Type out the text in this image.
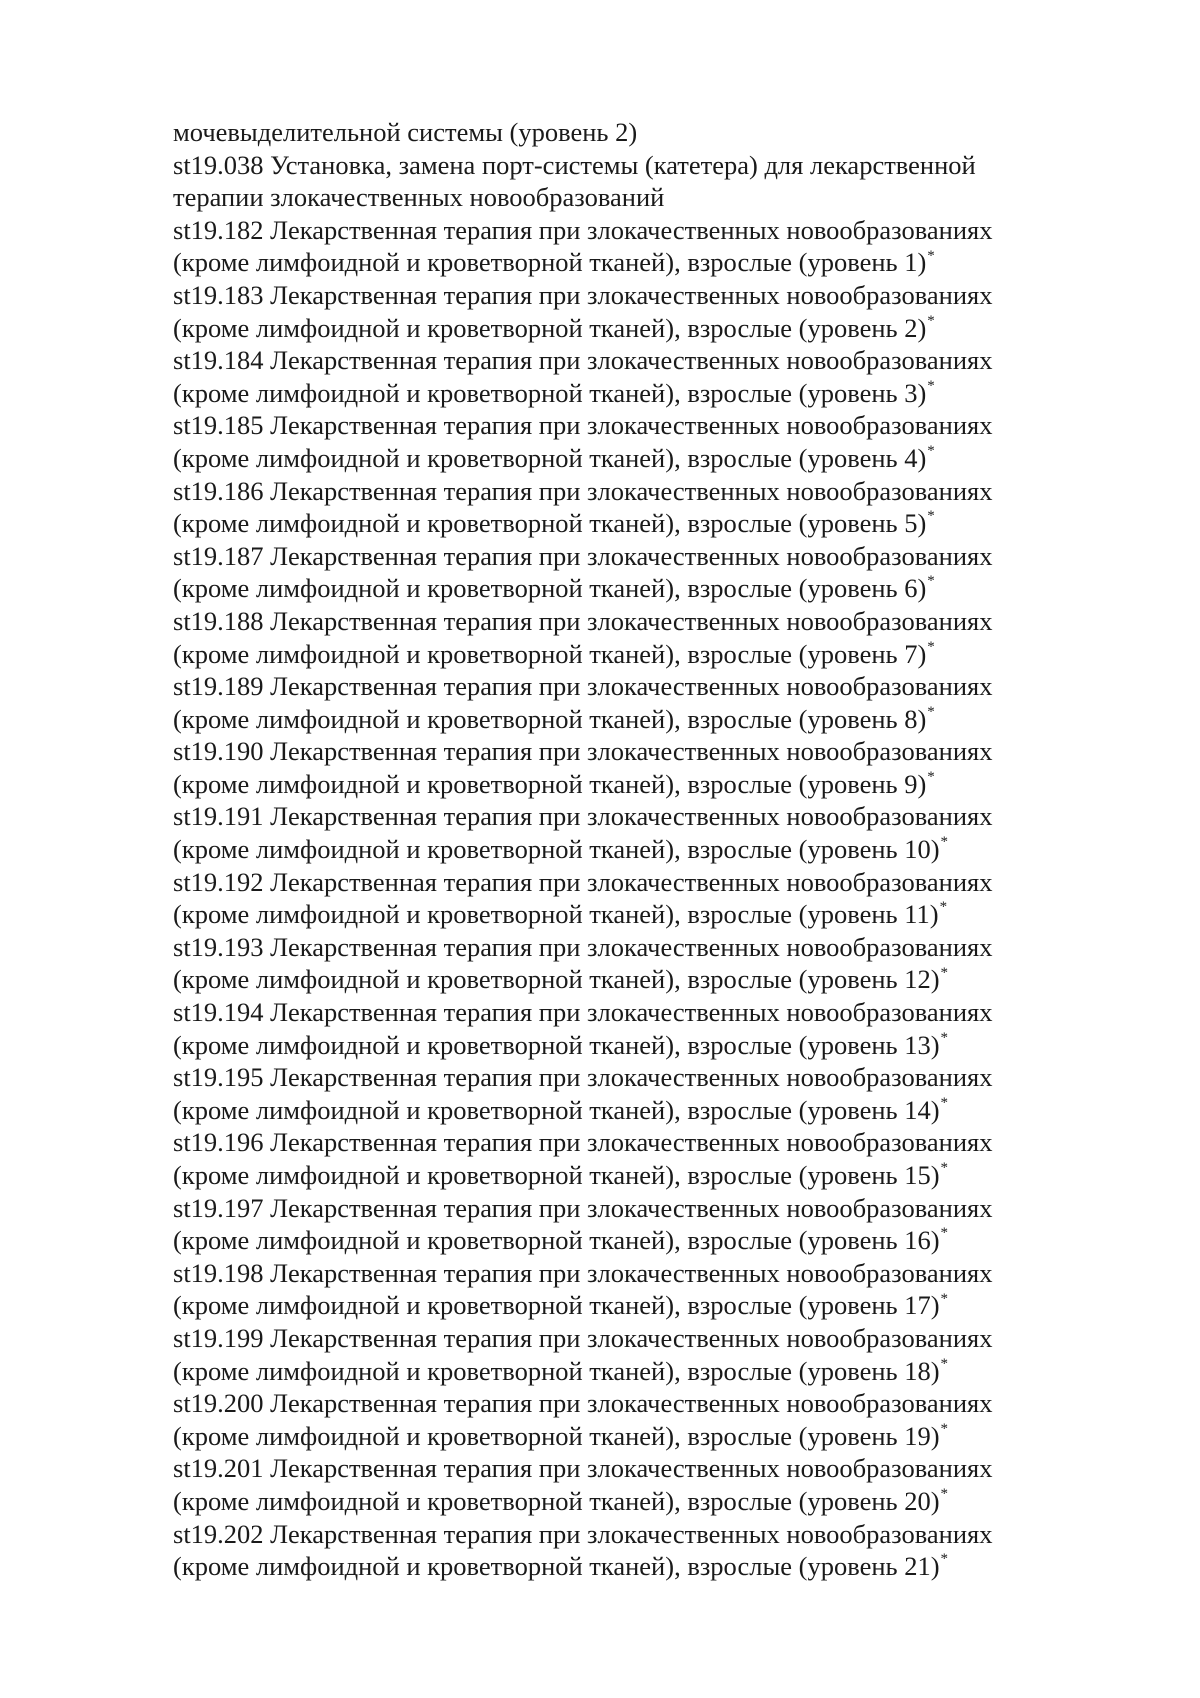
мочевыделительной системы (уровень 2)
st19.038 Установка, замена порт-системы (катетера) для лекарственной
терапии злокачественных новообразований
st19.182 Лекарственная терапия при злокачественных новообразованиях
(кроме лимфоидной и кроветворной тканей), взрослые (уровень 1)*
st19.183 Лекарственная терапия при злокачественных новообразованиях
(кроме лимфоидной и кроветворной тканей), взрослые (уровень 2)*
st19.184 Лекарственная терапия при злокачественных новообразованиях
(кроме лимфоидной и кроветворной тканей), взрослые (уровень 3)*
st19.185 Лекарственная терапия при злокачественных новообразованиях
(кроме лимфоидной и кроветворной тканей), взрослые (уровень 4)*
st19.186 Лекарственная терапия при злокачественных новообразованиях
(кроме лимфоидной и кроветворной тканей), взрослые (уровень 5)*
st19.187 Лекарственная терапия при злокачественных новообразованиях
(кроме лимфоидной и кроветворной тканей), взрослые (уровень 6)*
st19.188 Лекарственная терапия при злокачественных новообразованиях
(кроме лимфоидной и кроветворной тканей), взрослые (уровень 7)*
st19.189 Лекарственная терапия при злокачественных новообразованиях
(кроме лимфоидной и кроветворной тканей), взрослые (уровень 8)*
st19.190 Лекарственная терапия при злокачественных новообразованиях
(кроме лимфоидной и кроветворной тканей), взрослые (уровень 9)*
st19.191 Лекарственная терапия при злокачественных новообразованиях
(кроме лимфоидной и кроветворной тканей), взрослые (уровень 10)*
st19.192 Лекарственная терапия при злокачественных новообразованиях
(кроме лимфоидной и кроветворной тканей), взрослые (уровень 11)*
st19.193 Лекарственная терапия при злокачественных новообразованиях
(кроме лимфоидной и кроветворной тканей), взрослые (уровень 12)*
st19.194 Лекарственная терапия при злокачественных новообразованиях
(кроме лимфоидной и кроветворной тканей), взрослые (уровень 13)*
st19.195 Лекарственная терапия при злокачественных новообразованиях
(кроме лимфоидной и кроветворной тканей), взрослые (уровень 14)*
st19.196 Лекарственная терапия при злокачественных новообразованиях
(кроме лимфоидной и кроветворной тканей), взрослые (уровень 15)*
st19.197 Лекарственная терапия при злокачественных новообразованиях
(кроме лимфоидной и кроветворной тканей), взрослые (уровень 16)*
st19.198 Лекарственная терапия при злокачественных новообразованиях
(кроме лимфоидной и кроветворной тканей), взрослые (уровень 17)*
st19.199 Лекарственная терапия при злокачественных новообразованиях
(кроме лимфоидной и кроветворной тканей), взрослые (уровень 18)*
st19.200 Лекарственная терапия при злокачественных новообразованиях
(кроме лимфоидной и кроветворной тканей), взрослые (уровень 19)*
st19.201 Лекарственная терапия при злокачественных новообразованиях
(кроме лимфоидной и кроветворной тканей), взрослые (уровень 20)*
st19.202 Лекарственная терапия при злокачественных новообразованиях
(кроме лимфоидной и кроветворной тканей), взрослые (уровень 21)*
